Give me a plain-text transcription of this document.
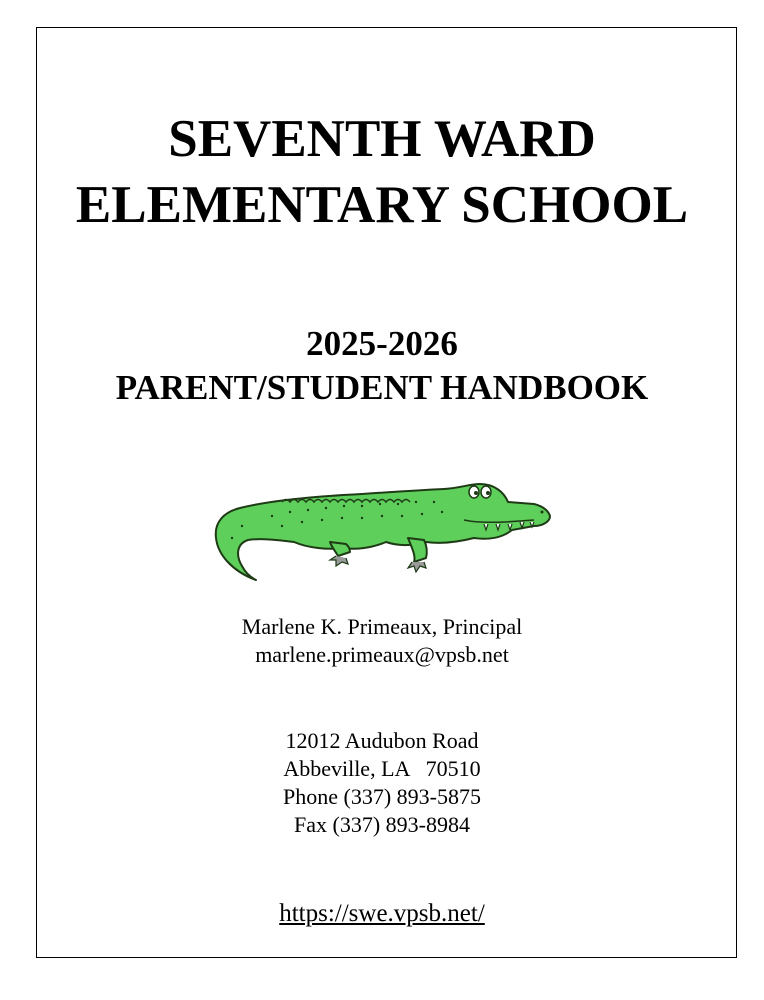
SEVENTH WARD
ELEMENTARY SCHOOL
2025-2026
PARENT/STUDENT HANDBOOK
Marlene K. Primeaux, Principal
marlene.primeaux@vpsb.net
12012 Audubon Road
Abbeville, LA   70510
Phone (337) 893-5875
Fax (337) 893-8984
https://swe.vpsb.net/
